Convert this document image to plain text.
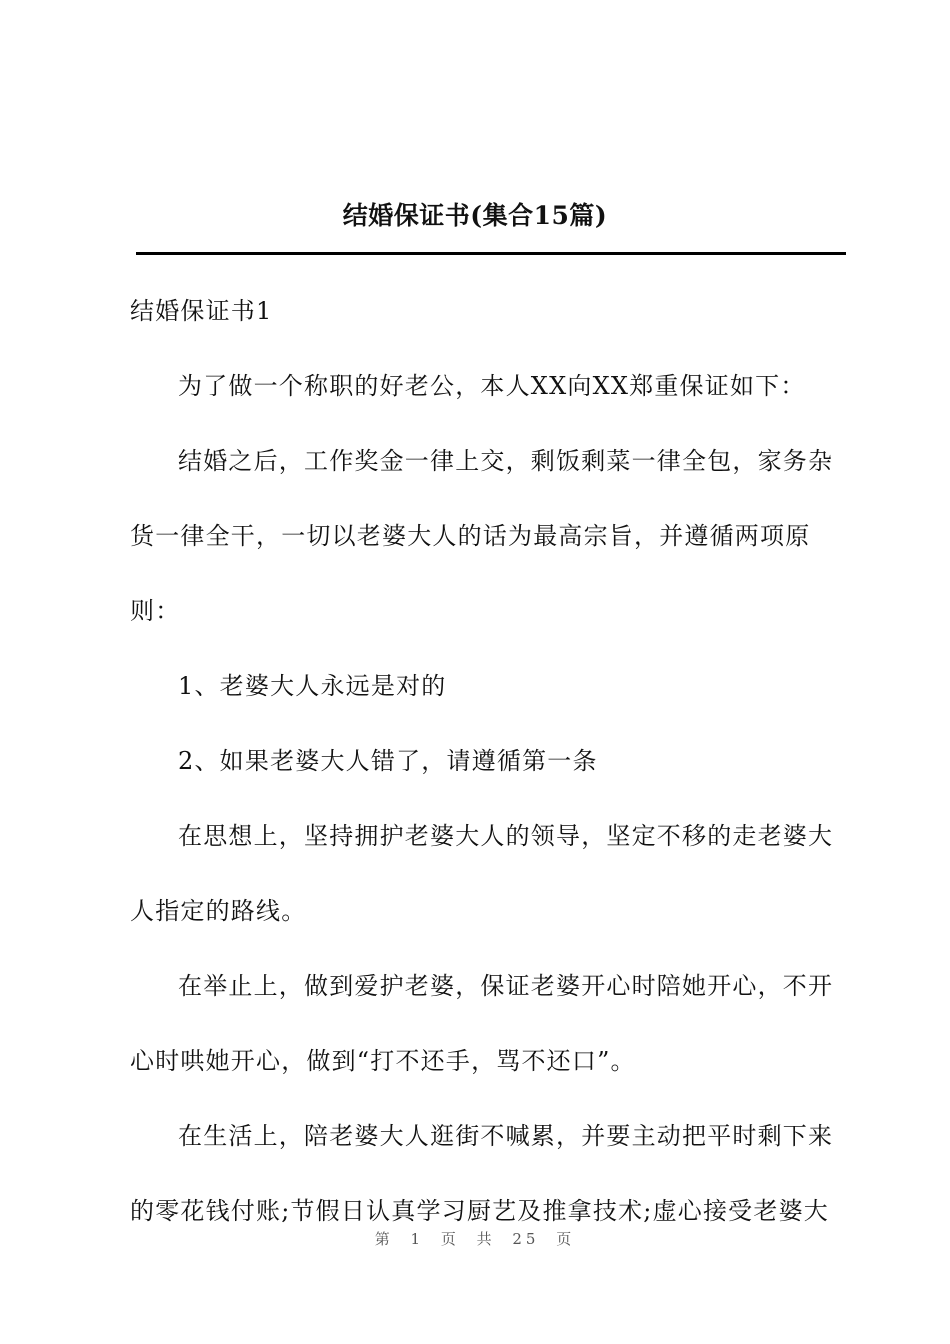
结婚保证书(集合15篇)
结婚保证书1

为了做一个称职的好老公，本人XX向XX郑重保证如下：

结婚之后，工作奖金一律上交，剩饭剩菜一律全包，家务杂货一律全干，一切以老婆大人的话为最高宗旨，并遵循两项原则：

1、老婆大人永远是对的

2、如果老婆大人错了，请遵循第一条

在思想上，坚持拥护老婆大人的领导，坚定不移的走老婆大人指定的路线。

在举止上，做到爱护老婆，保证老婆开心时陪她开心，不开心时哄她开心，做到“打不还手，骂不还口”。

在生活上，陪老婆大人逛街不喊累，并要主动把平时剩下来的零花钱付账;节假日认真学习厨艺及推拿技术;虚心接受老婆大

第 1 页 共 25 页
